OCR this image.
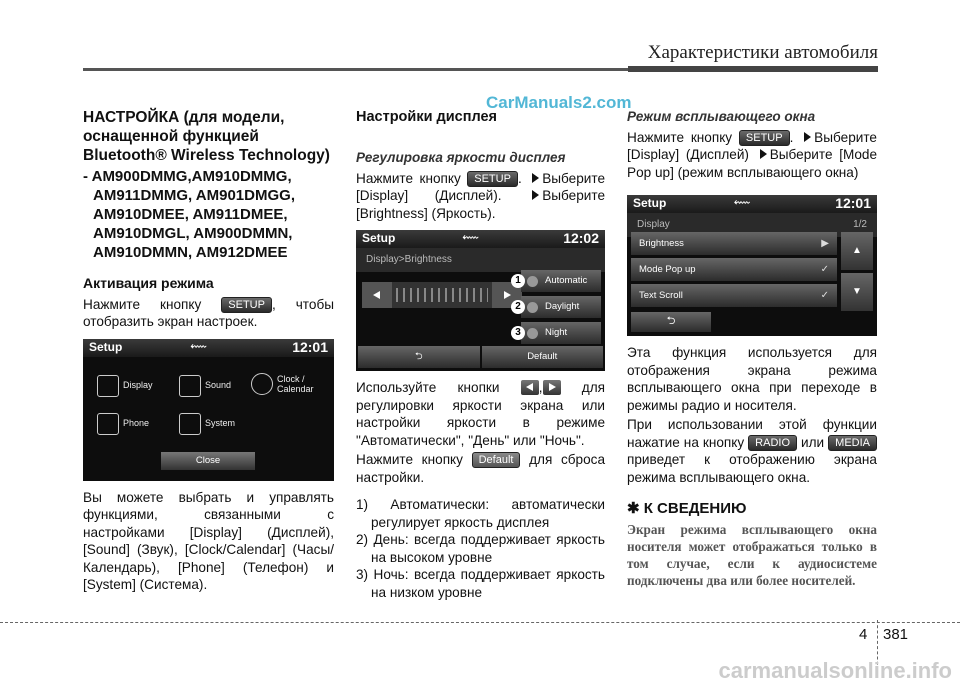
Характеристики автомобиля
CarManuals2.com
НАСТРОЙКА (для модели, оснащенной функцией Bluetooth® Wireless Technology)
- AM900DMMG,AM910DMMG,
AM911DMMG, AM901DMGG,
AM910DMEE, AM911DMEE,
AM910DMGL, AM900DMMN,
AM910DMMN, AM912DMEE
Активация режима

Нажмите кнопку SETUP , чтобы отобразить экран настроек.

Setup	⬳	12:01
Display	Sound
Clock / Calendar
Phone	System
Close

Вы можете выбрать и управлять функциями, связанными с настройками [Display] (Дисплей), [Sound] (Звук), [Clock/Calendar] (Часы/Календарь), [Phone] (Телефон) и [System] (Система).

Настройки дисплея
Регулировка яркости дисплея

Нажмите кнопку SETUP . Выберите [Display] (Дисплей).	Выберите [Brightness] (Яркость).

Setup	⬳	12:02
Display>Brightness
1	Automatic
2	Daylight
3	Night
⮌	Default

Используйте кнопки	,	для регулировки яркости экрана или настройки яркости в режиме "Автоматически", "День" или "Ночь".

Нажмите кнопку Default для сброса настройки.

1) Автоматически: автоматически регулирует яркость дисплея
2) День: всегда поддерживает яркость на высоком уровне
3) Ночь: всегда поддерживает яркость на низком уровне
Режим всплывающего окна

Нажмите кнопку SETUP . Выберите [Display] (Дисплей) Выберите [Mode Pop up] (режим всплывающего окна)

Setup	⬳	12:01
Display	1/2
Brightness	▶
Mode Pop up	✓
Text Scroll	✓
▲
▼
⮌

Эта функция используется для отображения экрана режима всплывающего окна при переходе в режимы радио и носителя.

При использовании этой функции нажатие на кнопку RADIO или MEDIA приведет к отображению экрана режима всплывающего окна.

✱ К СВЕДЕНИЮ
Экран режима всплывающего окна носителя может отображаться только в том случае, если к аудиосистеме подключены два или более носителей.
4 381
carmanualsonline.info
